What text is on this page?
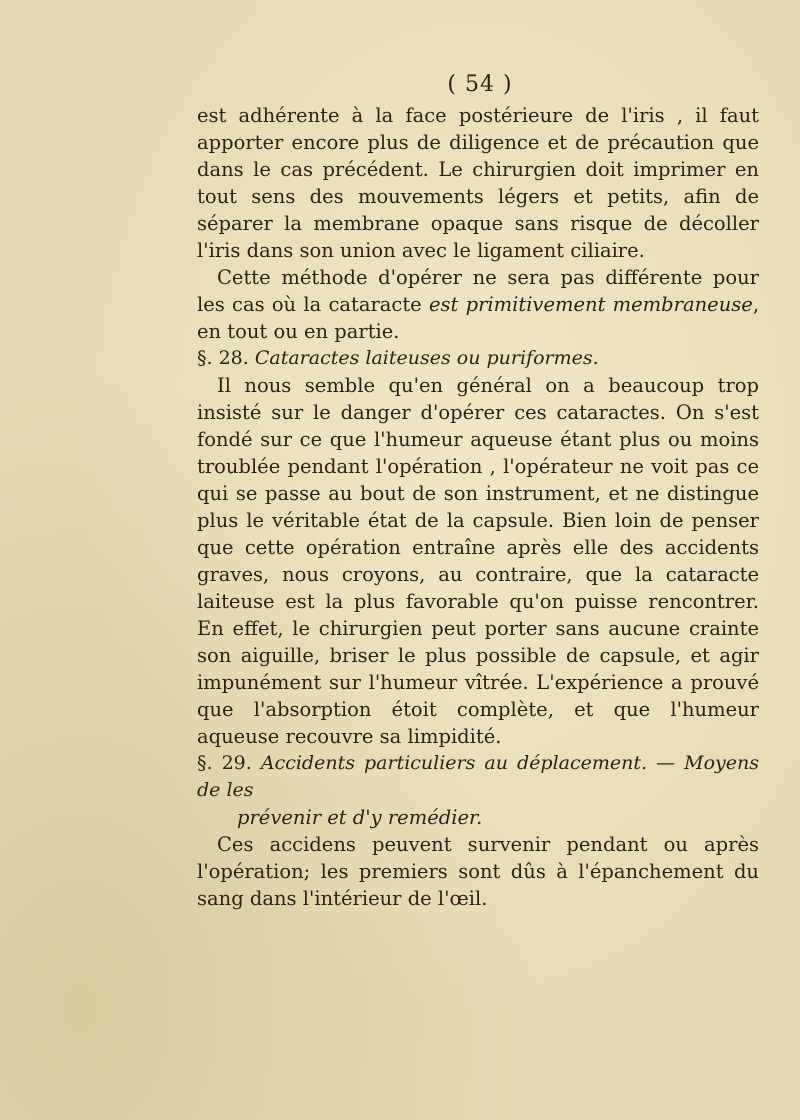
( 54 )

est adhérente à la face postérieure de l'iris , il faut apporter encore plus de diligence et de précaution que dans le cas précédent. Le chirurgien doit imprimer en tout sens des mouvements légers et petits, afin de séparer la membrane opaque sans risque de décoller l'iris dans son union avec le ligament ciliaire.

Cette méthode d'opérer ne sera pas différente pour les cas où la cataracte est primitivement membraneuse, en tout ou en partie.

§. 28. Cataractes laiteuses ou puriformes.

Il nous semble qu'en général on a beaucoup trop insisté sur le danger d'opérer ces cataractes. On s'est fondé sur ce que l'humeur aqueuse étant plus ou moins troublée pendant l'opération , l'opérateur ne voit pas ce qui se passe au bout de son instrument, et ne distingue plus le véritable état de la capsule. Bien loin de penser que cette opération entraîne après elle des accidents graves, nous croyons, au contraire, que la cataracte laiteuse est la plus favorable qu'on puisse rencontrer. En effet, le chirurgien peut porter sans aucune crainte son aiguille, briser le plus possible de capsule, et agir impunément sur l'humeur vîtrée. L'expérience a prouvé que l'absorption étoit complète, et que l'humeur aqueuse recouvre sa limpidité.

§. 29. Accidents particuliers au déplacement. — Moyens de les

prévenir et d'y remédier.

Ces accidens peuvent survenir pendant ou après l'opération; les premiers sont dûs à l'épanchement du sang dans l'intérieur de l'œil.
